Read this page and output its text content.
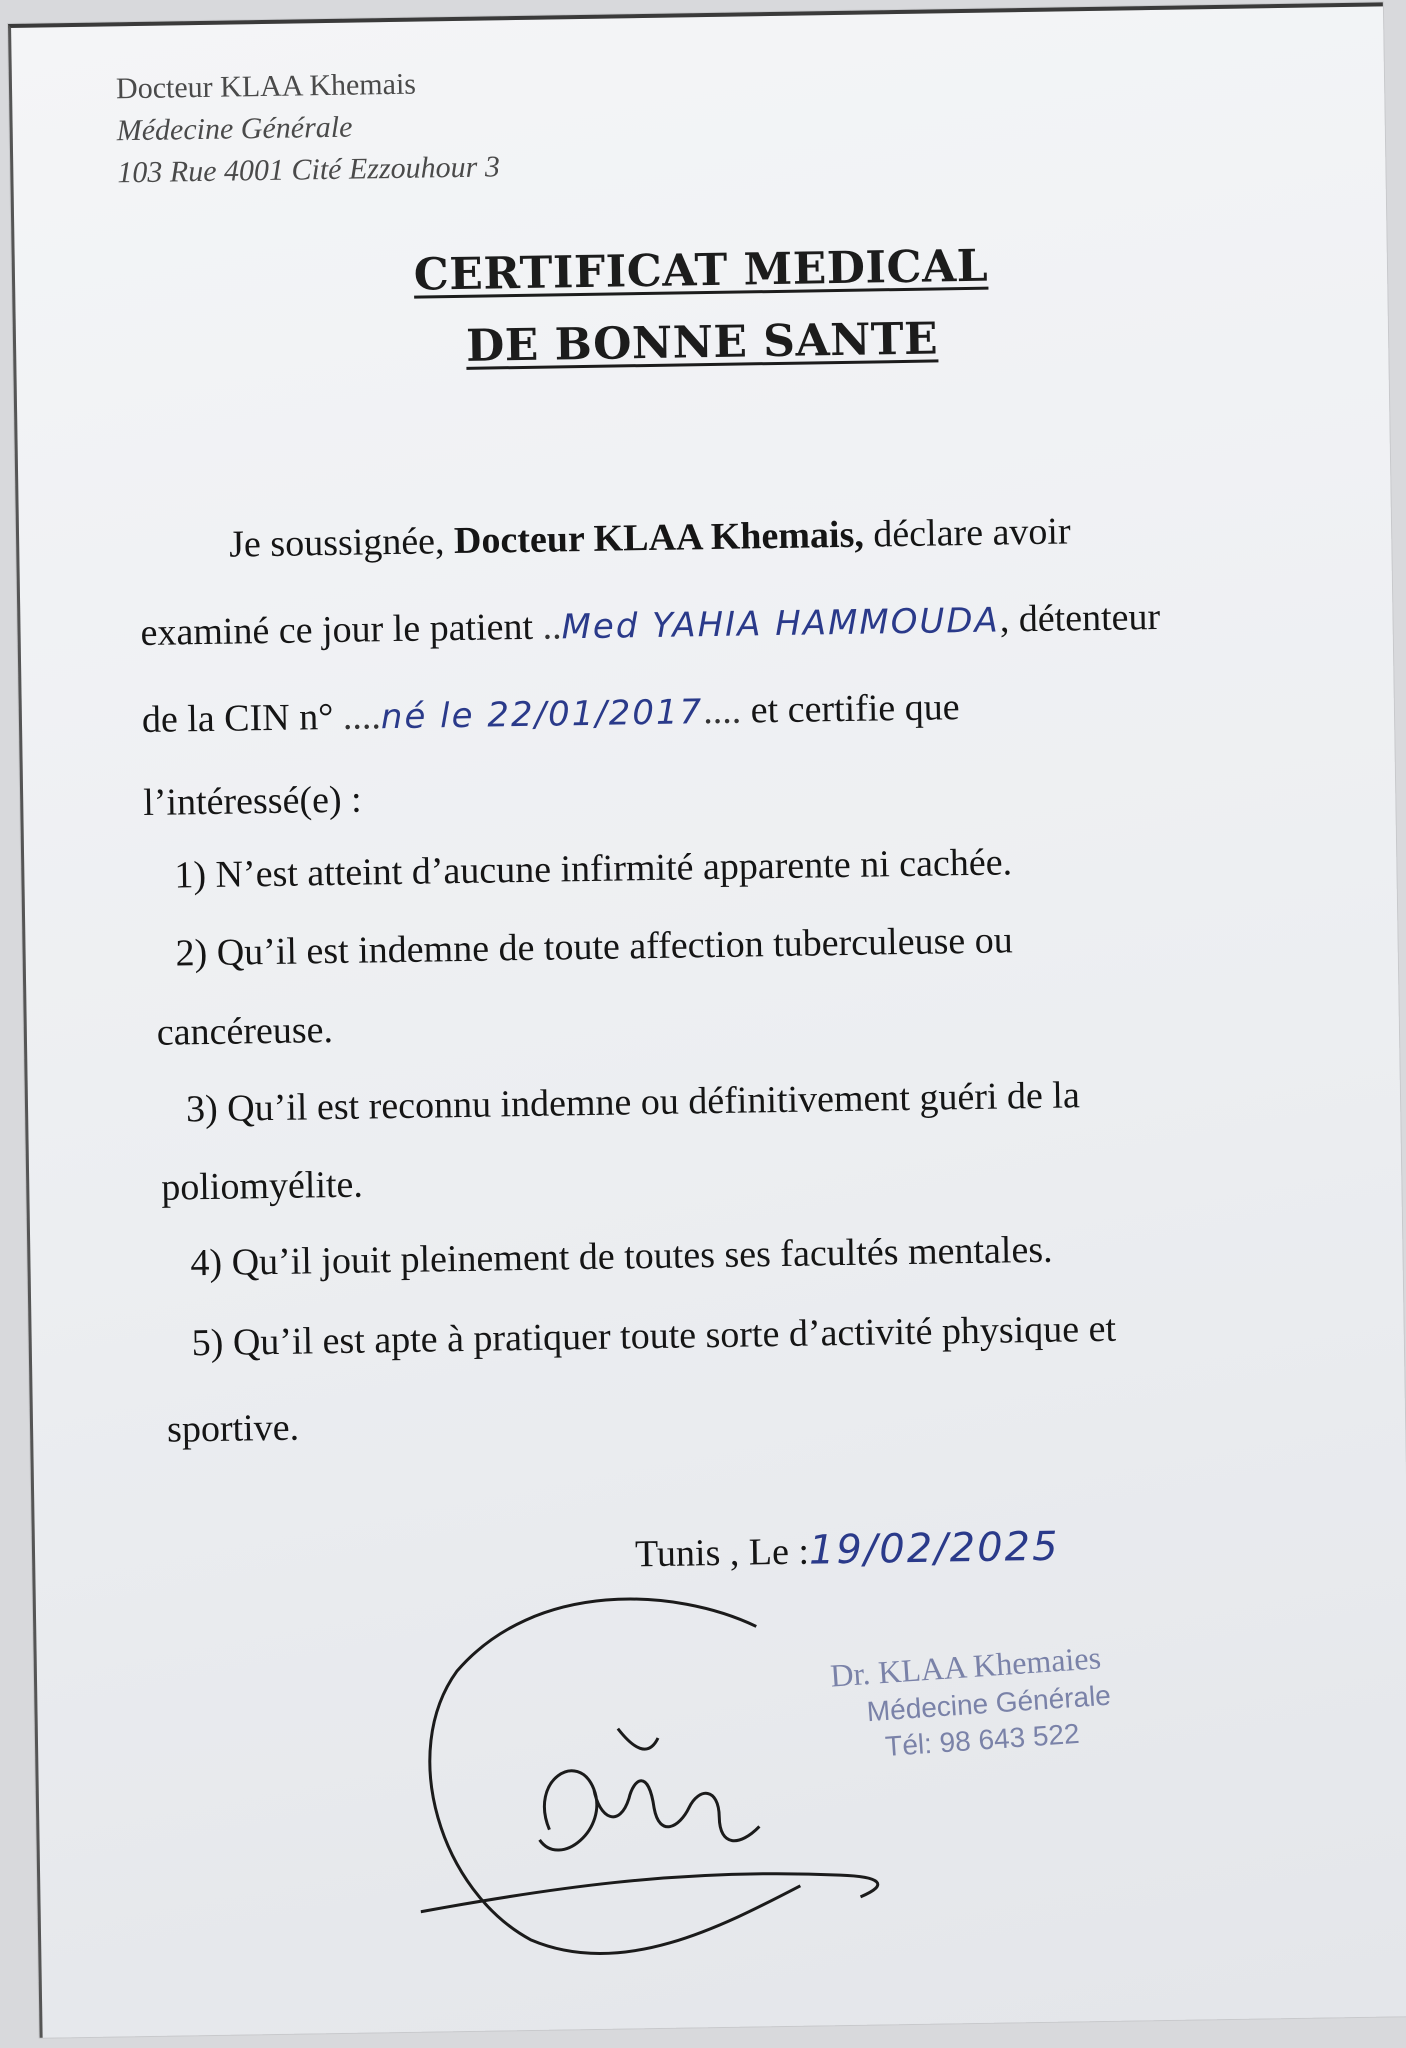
Docteur KLAA Khemais
Médecine Générale
103 Rue 4001 Cité Ezzouhour 3
CERTIFICAT MEDICAL
DE BONNE SANTE
Je soussignée, Docteur KLAA Khemais, déclare avoir
examiné ce jour le patient ..Med YAHIA HAMMOUDA, détenteur
de la CIN n° ....né le 22/01/2017.... et certifie que
l’intéressé(e) :
1) N’est atteint d’aucune infirmité apparente ni cachée.
2) Qu’il est indemne de toute affection tuberculeuse ou
cancéreuse.
3) Qu’il est reconnu indemne ou définitivement guéri de la
poliomyélite.
4) Qu’il jouit pleinement de toutes ses facultés mentales.
5) Qu’il est apte à pratiquer toute sorte d’activité physique et
sportive.
Tunis , Le :19/02/2025
Dr. KLAA Khemaies
Médecine Générale
Tél: 98 643 522
